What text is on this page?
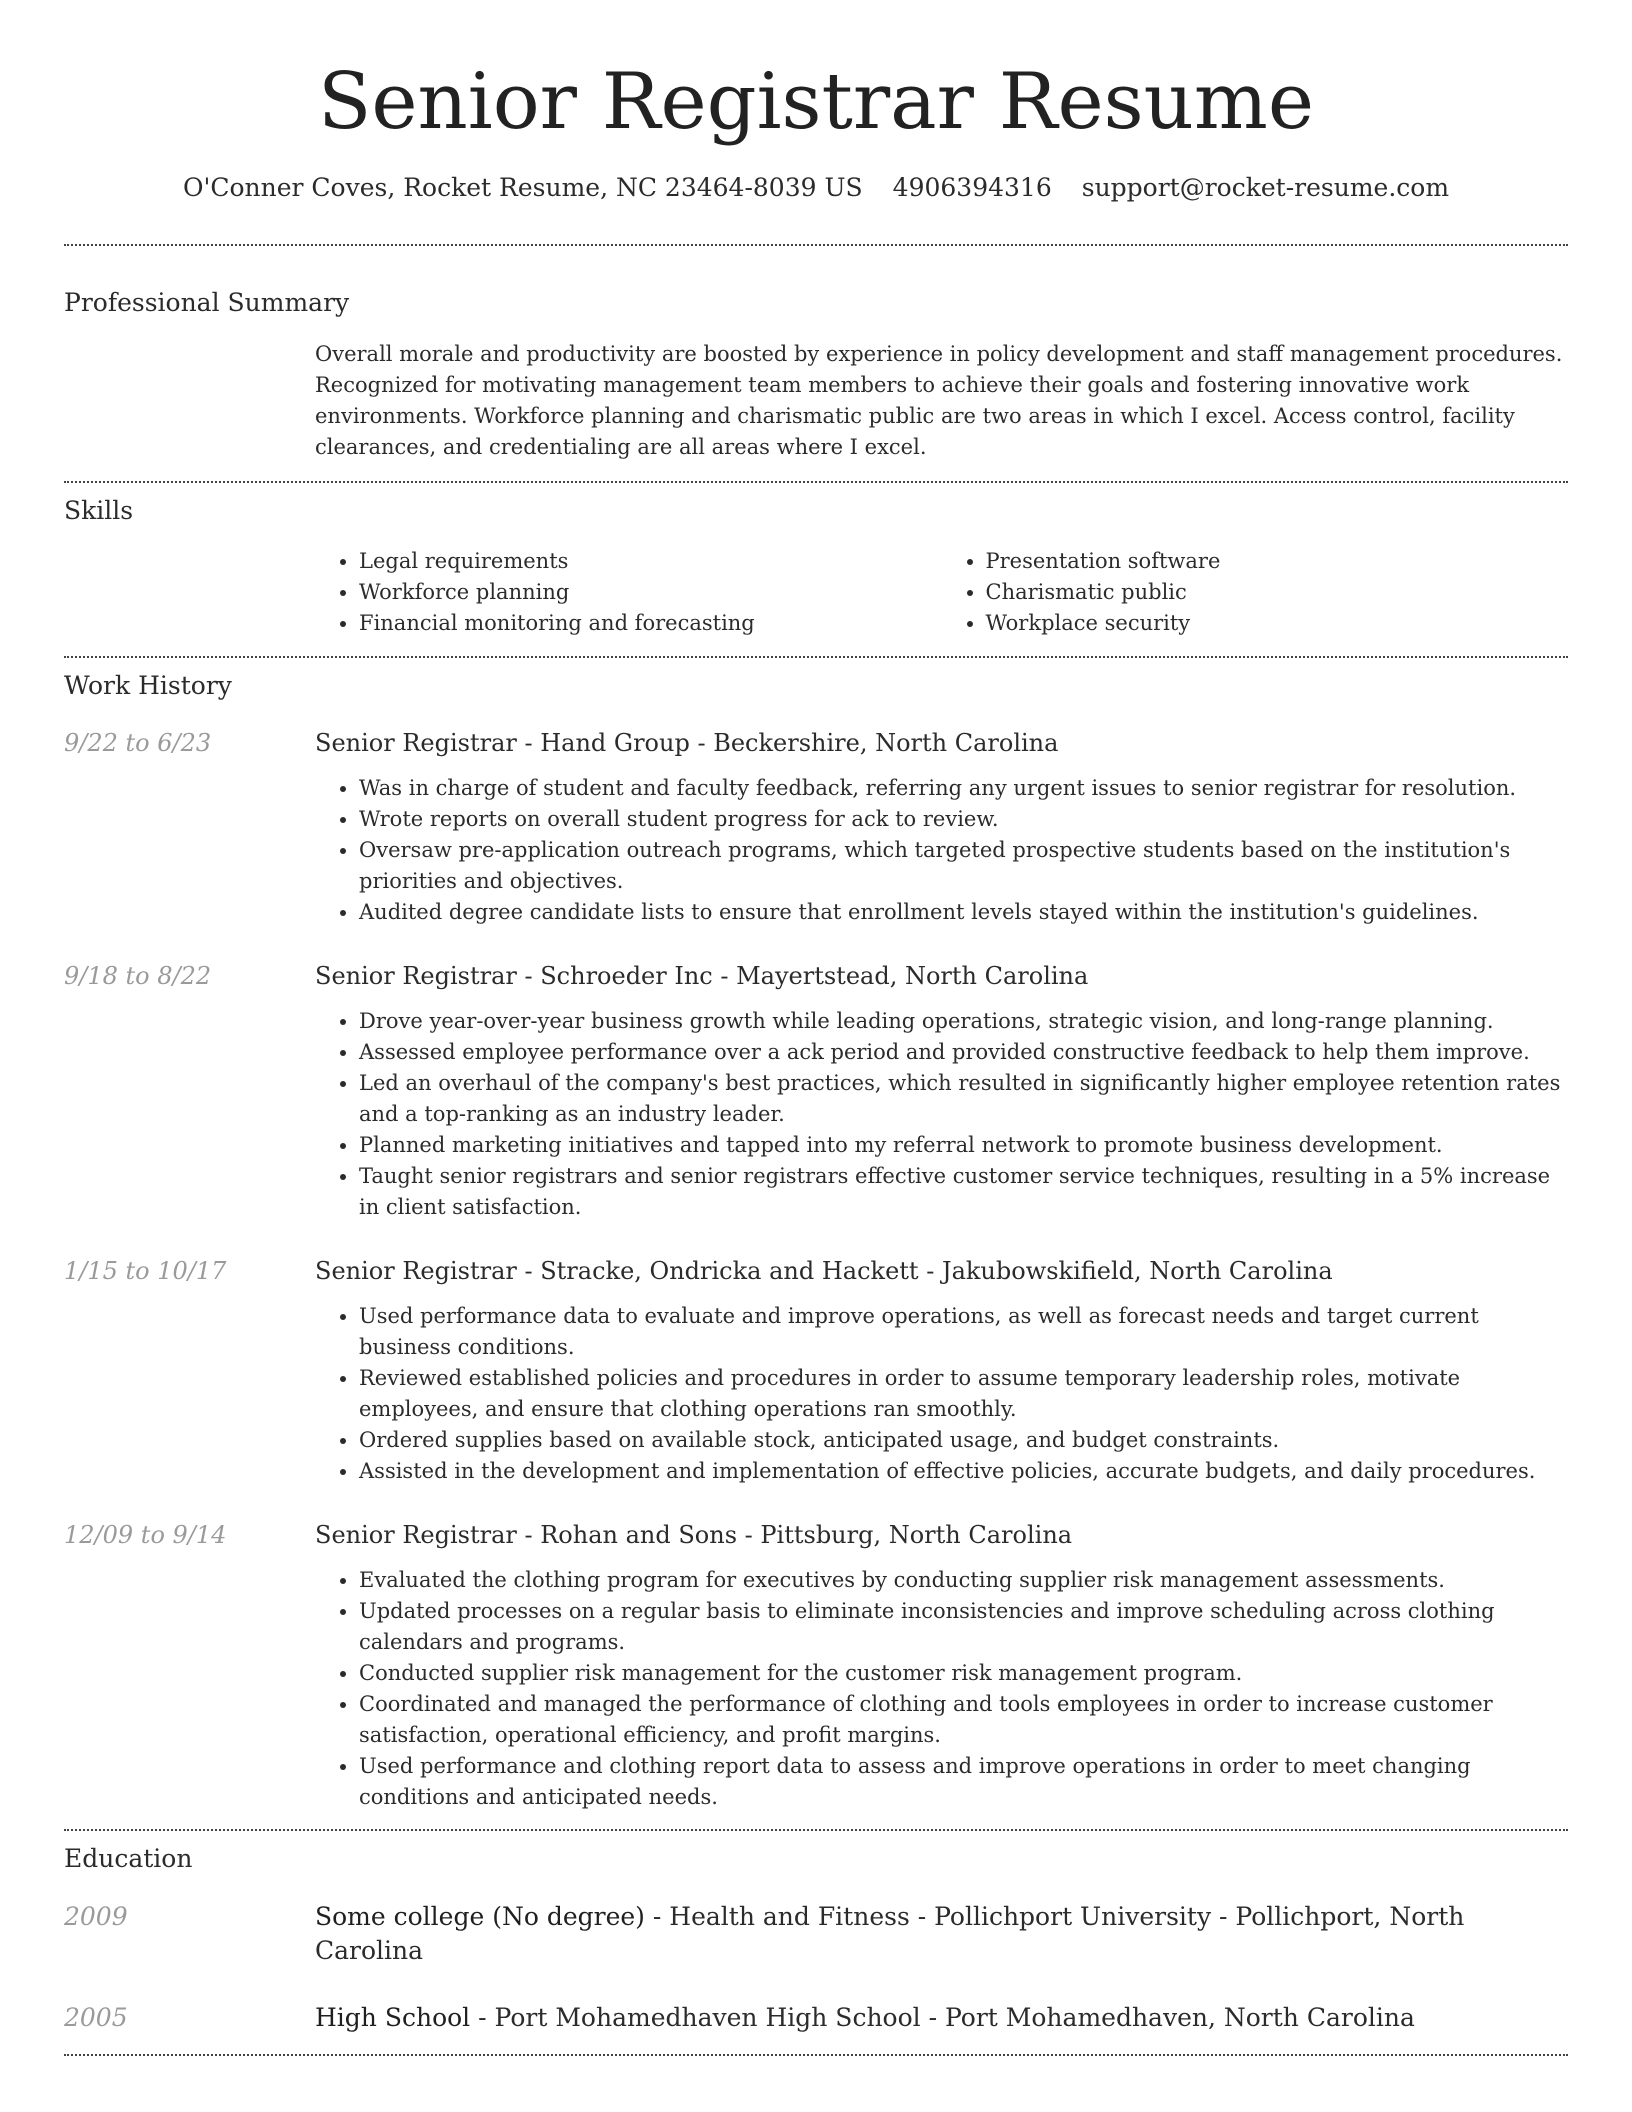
Senior Registrar Resume
O'Conner Coves, Rocket Resume, NC 23464-8039 US 4906394316 support@rocket-resume.com
Professional Summary
Overall morale and productivity are boosted by experience in policy development and staff management procedures. Recognized for motivating management team members to achieve their goals and fostering innovative work environments. Workforce planning and charismatic public are two areas in which I excel. Access control, facility clearances, and credentialing are all areas where I excel.
Skills
• Legal requirements
• Workforce planning
• Financial monitoring and forecasting
• Presentation software
• Charismatic public
• Workplace security
Work History
9/22 to 6/23	Senior Registrar - Hand Group - Beckershire, North Carolina
• Was in charge of student and faculty feedback, referring any urgent issues to senior registrar for resolution.
• Wrote reports on overall student progress for ack to review.
• Oversaw pre-application outreach programs, which targeted prospective students based on the institution's priorities and objectives.
• Audited degree candidate lists to ensure that enrollment levels stayed within the institution's guidelines.
9/18 to 8/22	Senior Registrar - Schroeder Inc - Mayertstead, North Carolina
• Drove year-over-year business growth while leading operations, strategic vision, and long-range planning.
• Assessed employee performance over a ack period and provided constructive feedback to help them improve.
• Led an overhaul of the company's best practices, which resulted in significantly higher employee retention rates and a top-ranking as an industry leader.
• Planned marketing initiatives and tapped into my referral network to promote business development.
• Taught senior registrars and senior registrars effective customer service techniques, resulting in a 5% increase in client satisfaction.
1/15 to 10/17	Senior Registrar - Stracke, Ondricka and Hackett - Jakubowskifield, North Carolina
• Used performance data to evaluate and improve operations, as well as forecast needs and target current business conditions.
• Reviewed established policies and procedures in order to assume temporary leadership roles, motivate employees, and ensure that clothing operations ran smoothly.
• Ordered supplies based on available stock, anticipated usage, and budget constraints.
• Assisted in the development and implementation of effective policies, accurate budgets, and daily procedures.
12/09 to 9/14	Senior Registrar - Rohan and Sons - Pittsburg, North Carolina
• Evaluated the clothing program for executives by conducting supplier risk management assessments.
• Updated processes on a regular basis to eliminate inconsistencies and improve scheduling across clothing calendars and programs.
• Conducted supplier risk management for the customer risk management program.
• Coordinated and managed the performance of clothing and tools employees in order to increase customer satisfaction, operational efficiency, and profit margins.
• Used performance and clothing report data to assess and improve operations in order to meet changing conditions and anticipated needs.
Education
2009	Some college (No degree) - Health and Fitness - Pollichport University - Pollichport, North Carolina
2005	High School - Port Mohamedhaven High School - Port Mohamedhaven, North Carolina
